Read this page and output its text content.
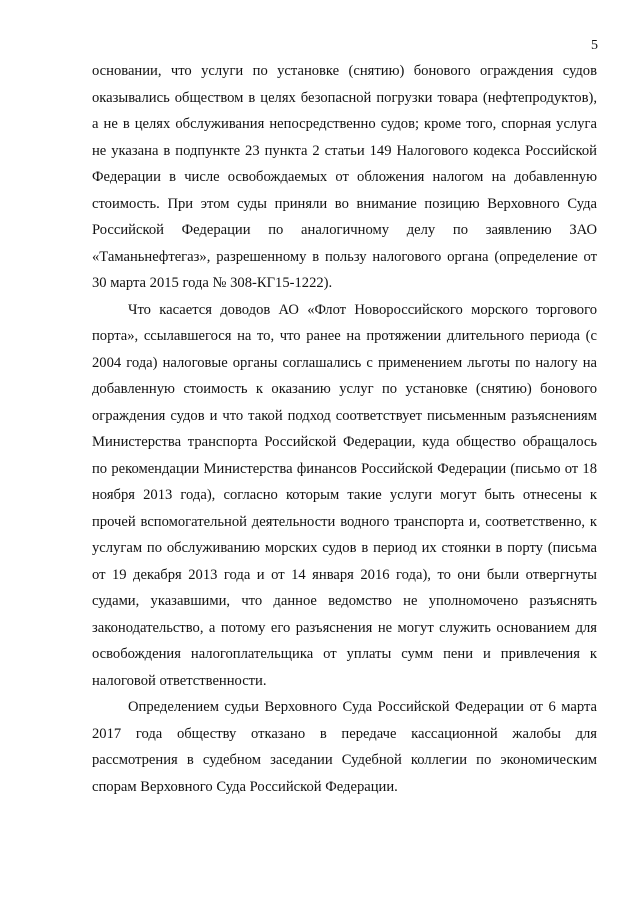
5

основании, что услуги по установке (снятию) бонового ограждения судов оказывались обществом в целях безопасной погрузки товара (нефтепродуктов), а не в целях обслуживания непосредственно судов; кроме того, спорная услуга не указана в подпункте 23 пункта 2 статьи 149 Налогового кодекса Российской Федерации в числе освобождаемых от обложения налогом на добавленную стоимость. При этом суды приняли во внимание позицию Верховного Суда Российской Федерации по аналогичному делу по заявлению ЗАО «Таманьнефтегаз», разрешенному в пользу налогового органа (определение от 30 марта 2015 года № 308-КГ15-1222).

Что касается доводов АО «Флот Новороссийского морского торгового порта», ссылавшегося на то, что ранее на протяжении длительного периода (с 2004 года) налоговые органы соглашались с применением льготы по налогу на добавленную стоимость к оказанию услуг по установке (снятию) бонового ограждения судов и что такой подход соответствует письменным разъяснениям Министерства транспорта Российской Федерации, куда общество обращалось по рекомендации Министерства финансов Российской Федерации (письмо от 18 ноября 2013 года), согласно которым такие услуги могут быть отнесены к прочей вспомогательной деятельности водного транспорта и, соответственно, к услугам по обслуживанию морских судов в период их стоянки в порту (письма от 19 декабря 2013 года и от 14 января 2016 года), то они были отвергнуты судами, указавшими, что данное ведомство не уполномочено разъяснять законодательство, а потому его разъяснения не могут служить основанием для освобождения налогоплательщика от уплаты сумм пени и привлечения к налоговой ответственности.

Определением судьи Верховного Суда Российской Федерации от 6 марта 2017 года обществу отказано в передаче кассационной жалобы для рассмотрения в судебном заседании Судебной коллегии по экономическим спорам Верховного Суда Российской Федерации.
